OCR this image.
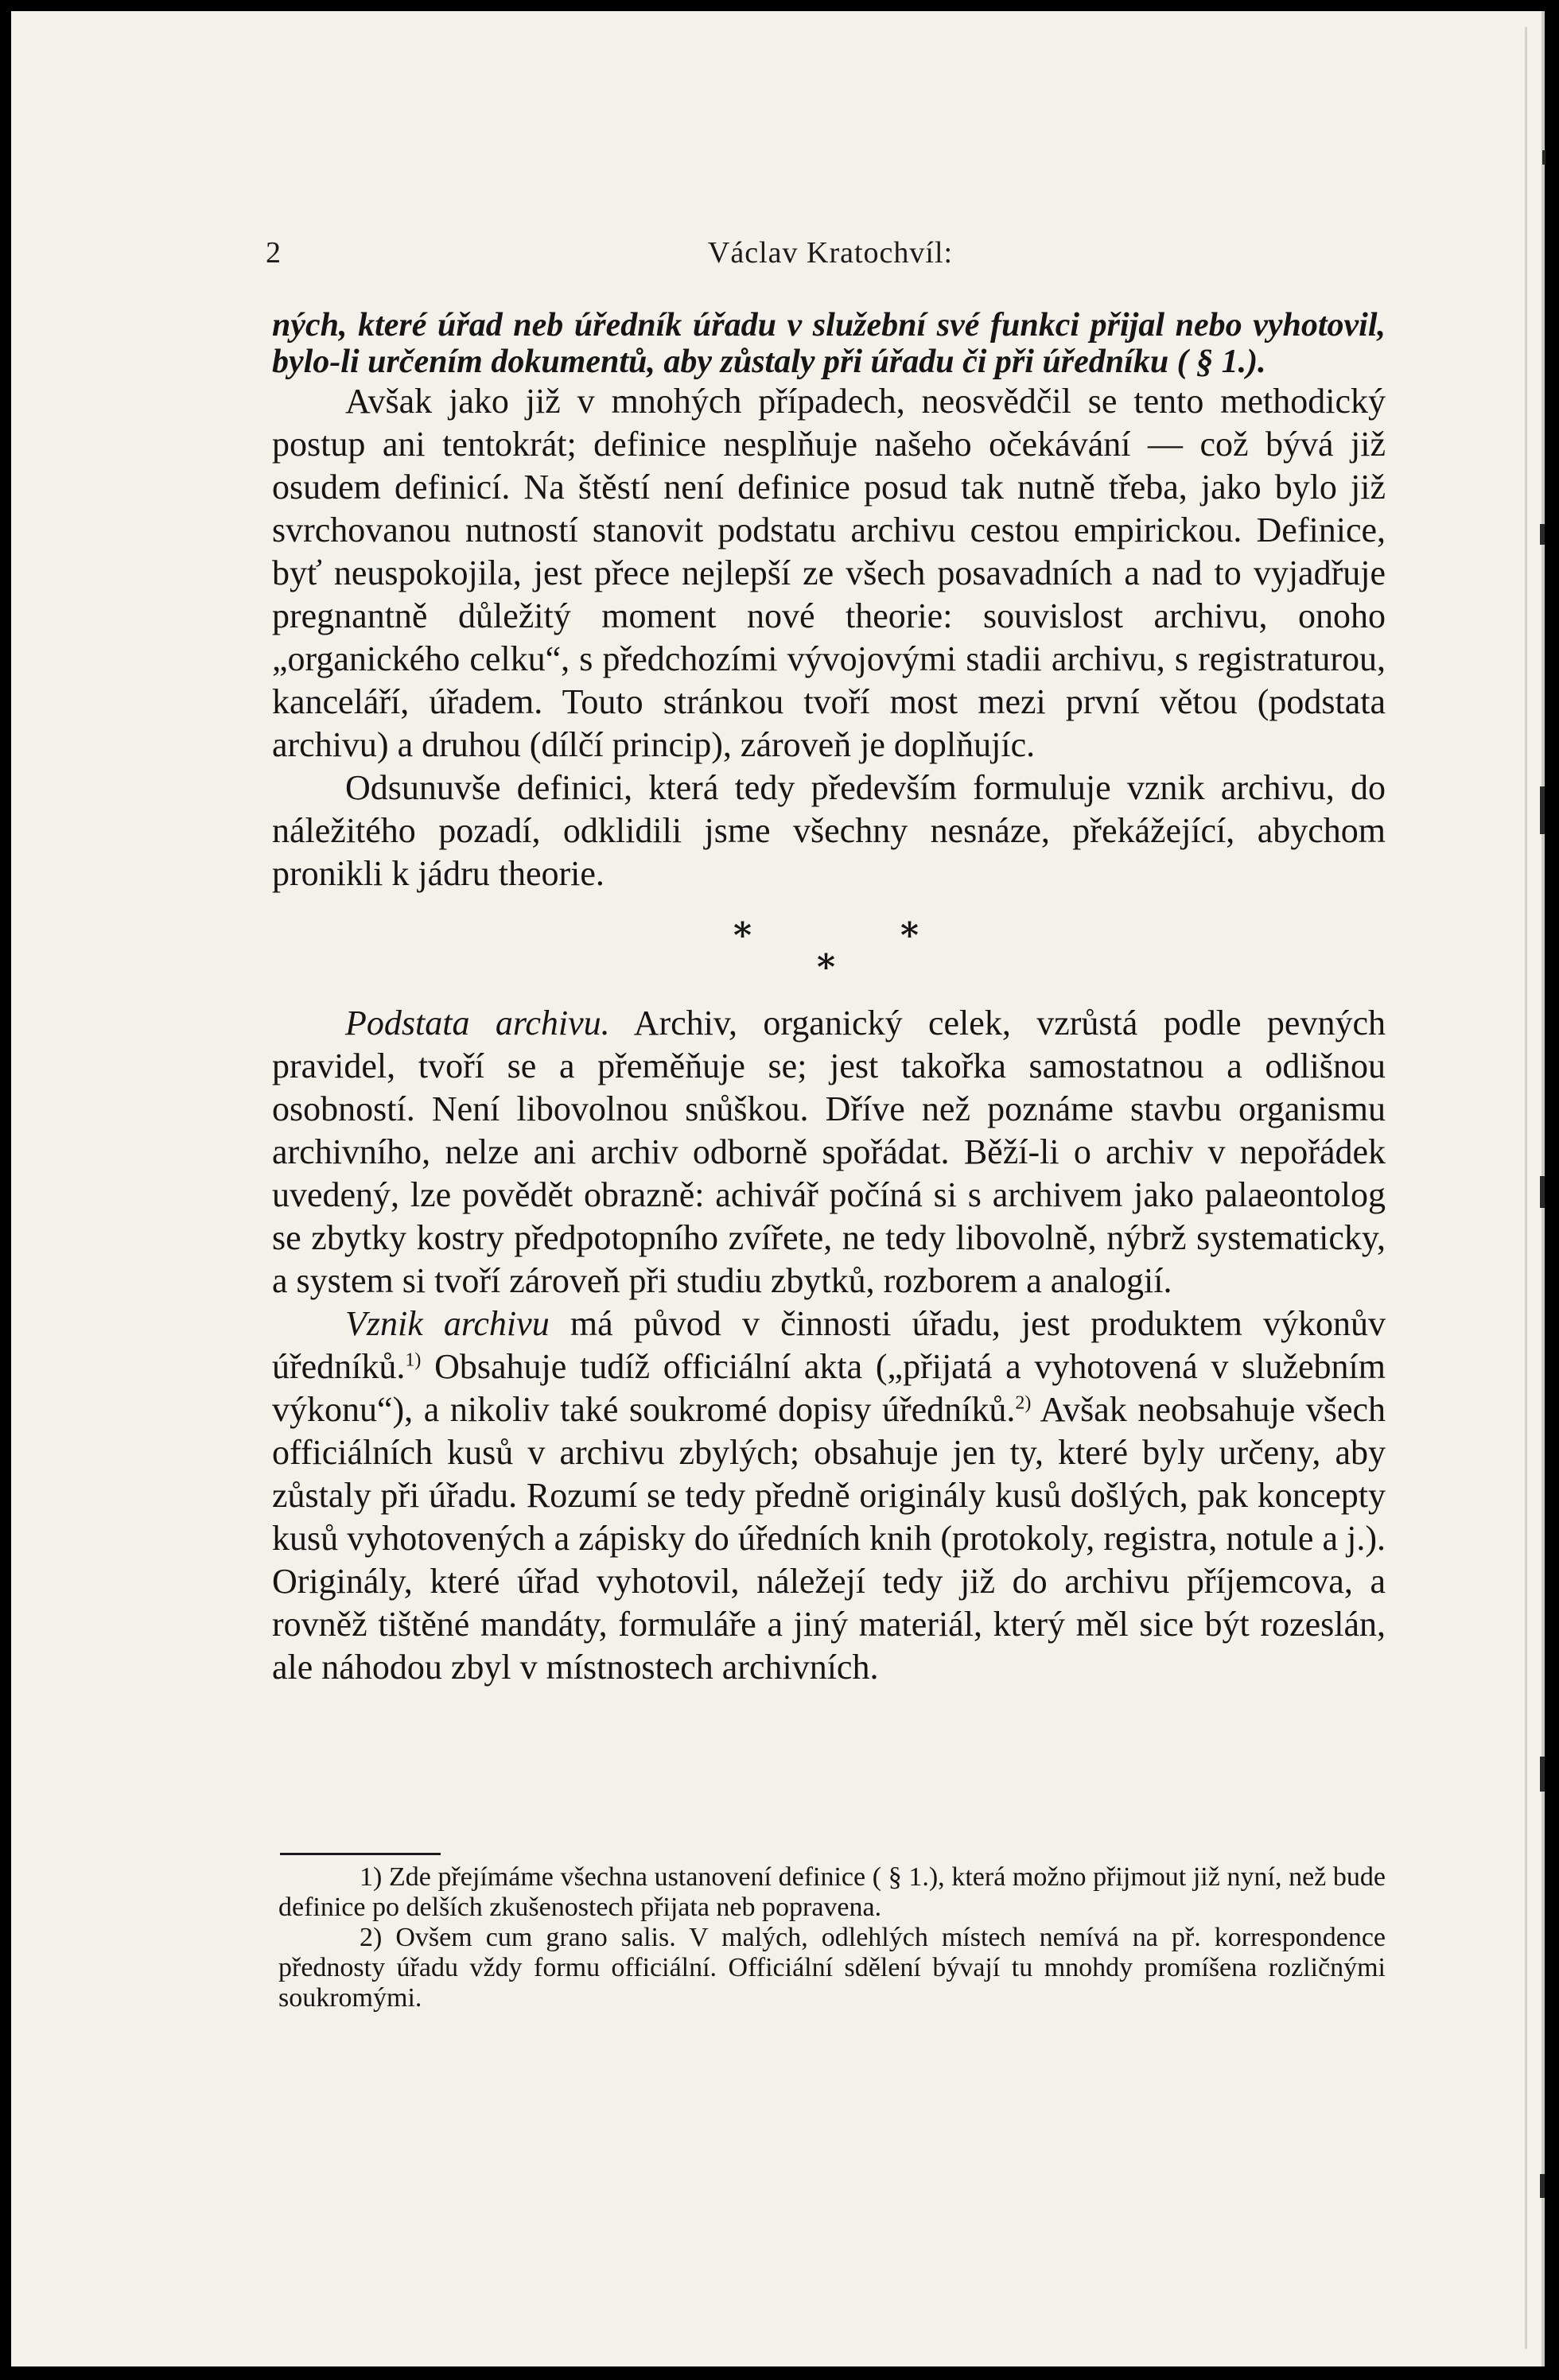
2	Václav Kratochvíl:

ných, které úřad neb úředník úřadu v služební své funkci přijal nebo vyhotovil, bylo-li určením dokumentů, aby zůstaly při úřadu či při úředníku ( § 1.).

Avšak jako již v mnohých případech, neosvědčil se tento methodický postup ani tentokrát; definice nesplňuje našeho očekávání — což bývá již osudem definicí. Na štěstí není definice posud tak nutně třeba, jako bylo již svrchovanou nutností stanovit podstatu archivu cestou empirickou. Definice, byť neuspokojila, jest přece nejlepší ze všech posavadních a nad to vyjadřuje pregnantně důležitý moment nové theorie: souvislost archivu, onoho „organického celku“, s předchozími vývojovými stadii archivu, s registraturou, kanceláří, úřadem. Touto stránkou tvoří most mezi první větou (podstata archivu) a druhou (dílčí princip), zároveň je doplňujíc.

Odsunuvše definici, která tedy především formuluje vznik archivu, do náležitého pozadí, odklidili jsme všechny nesnáze, překážející, abychom pronikli k jádru theorie.

*	*
*

Podstata archivu. Archiv, organický celek, vzrůstá podle pevných pravidel, tvoří se a přeměňuje se; jest takořka samostatnou a odlišnou osobností. Není libovolnou snůškou. Dříve než poznáme stavbu organismu archivního, nelze ani archiv odborně spořádat. Běží-li o archiv v nepořádek uvedený, lze povědět obrazně: achivář počíná si s archivem jako palaeontolog se zbytky kostry předpotopního zvířete, ne tedy libovolně, nýbrž systematicky, a system si tvoří zároveň při studiu zbytků, rozborem a analogií.

Vznik archivu má původ v činnosti úřadu, jest produktem výkonův úředníků.$^{1)}$ Obsahuje tudíž officiální akta („přijatá a vyhotovená v služebním výkonu“), a nikoliv také soukromé dopisy úředníků.$^{2)}$ Avšak neobsahuje všech officiálních kusů v archivu zbylých; obsahuje jen ty, které byly určeny, aby zůstaly při úřadu. Rozumí se tedy předně originály kusů došlých, pak koncepty kusů vyhotovených a zápisky do úředních knih (protokoly, registra, notule a j.). Originály, které úřad vyhotovil, náležejí tedy již do archivu příjemcova, a rovněž tištěné mandáty, formuláře a jiný materiál, který měl sice být rozeslán, ale náhodou zbyl v místnostech archivních.

1) Zde přejímáme všechna ustanovení definice ( § 1.), která možno přijmout již nyní, než bude definice po delších zkušenostech přijata neb popravena.

2) Ovšem cum grano salis. V malých, odlehlých místech nemívá na př. korrespondence přednosty úřadu vždy formu officiální. Officiální sdělení bývají tu mnohdy promíšena rozličnými soukromými.
